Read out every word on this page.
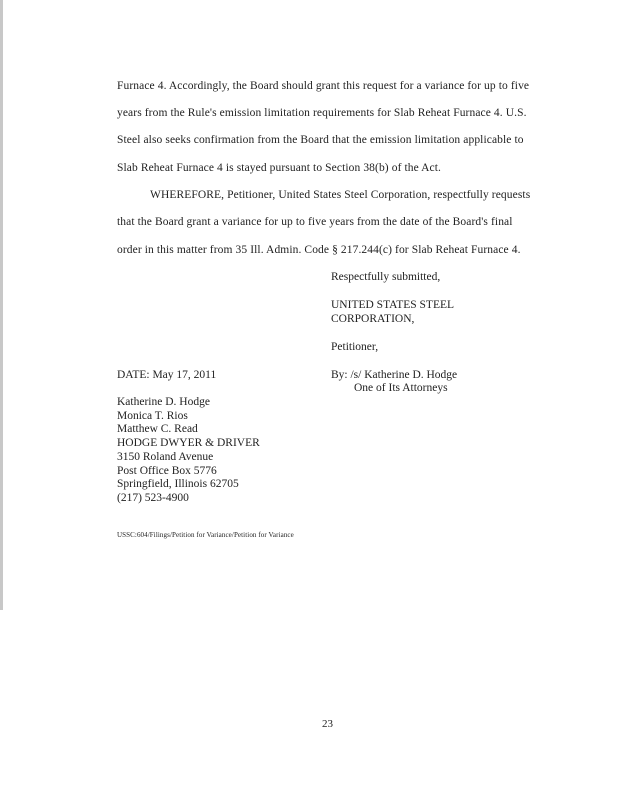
Furnace 4. Accordingly, the Board should grant this request for a variance for up to five
years from the Rule's emission limitation requirements for Slab Reheat Furnace 4. U.S.
Steel also seeks confirmation from the Board that the emission limitation applicable to
Slab Reheat Furnace 4 is stayed pursuant to Section 38(b) of the Act.
WHEREFORE, Petitioner, United States Steel Corporation, respectfully requests
that the Board grant a variance for up to five years from the date of the Board's final
order in this matter from 35 Ill. Admin. Code § 217.244(c) for Slab Reheat Furnace 4.
Respectfully submitted,
UNITED STATES STEEL
CORPORATION,
Petitioner,
DATE: May 17, 2011	By: /s/ Katherine D. Hodge
One of Its Attorneys
Katherine D. Hodge
Monica T. Rios
Matthew C. Read
HODGE DWYER & DRIVER
3150 Roland Avenue
Post Office Box 5776
Springfield, Illinois 62705
(217) 523-4900
USSC:604/Filings/Petition for Variance/Petition for Variance
23
